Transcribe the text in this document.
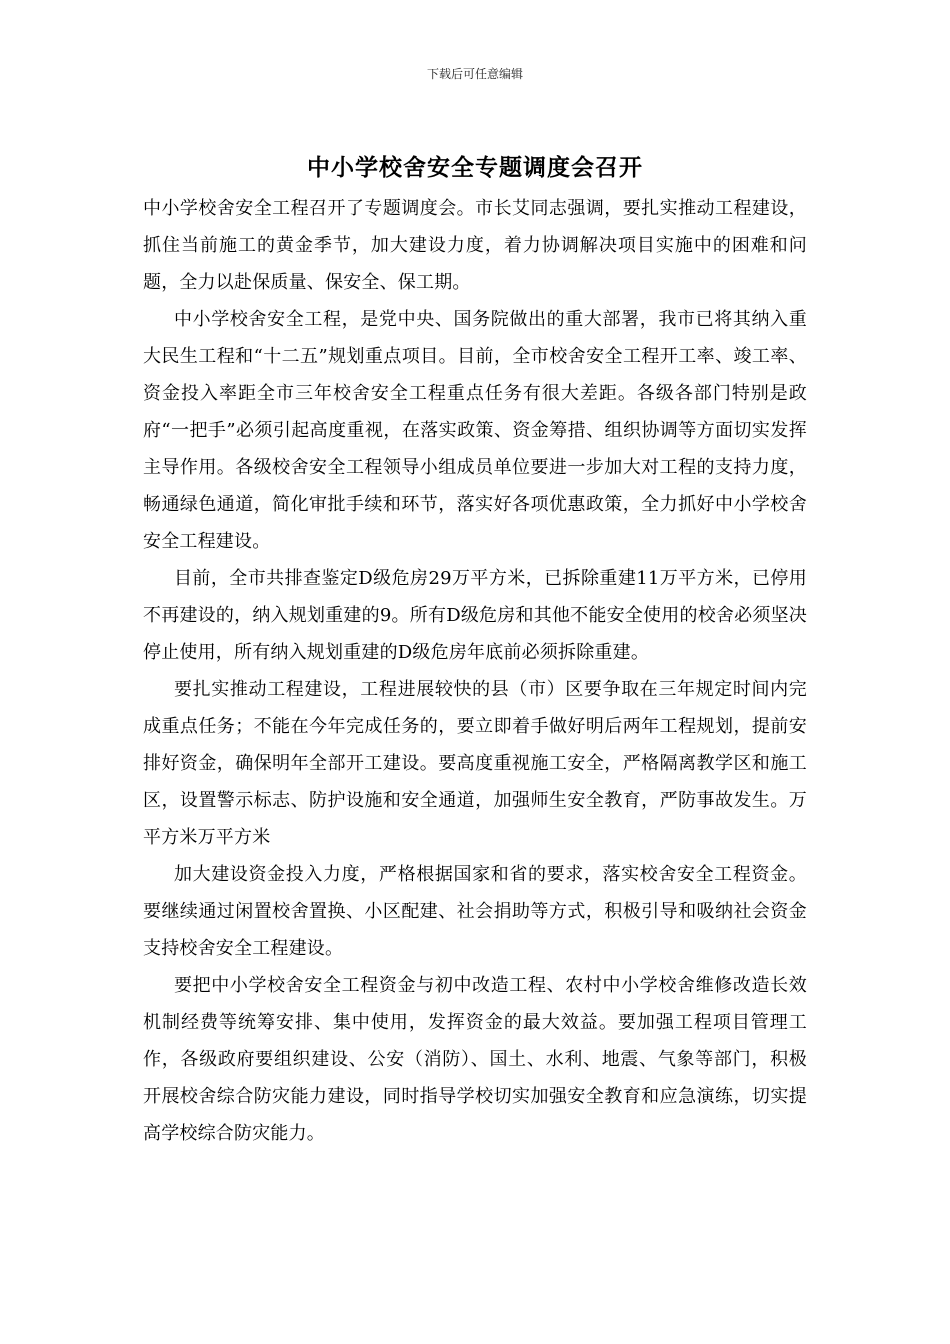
下载后可任意编辑
中小学校舍安全专题调度会召开

中小学校舍安全工程召开了专题调度会。市长艾同志强调，要扎实推动工程建设，抓住当前施工的黄金季节，加大建设力度，着力协调解决项目实施中的困难和问题，全力以赴保质量、保安全、保工期。

中小学校舍安全工程，是党中央、国务院做出的重大部署，我市已将其纳入重大民生工程和“十二五”规划重点项目。目前，全市校舍安全工程开工率、竣工率、资金投入率距全市三年校舍安全工程重点任务有很大差距。各级各部门特别是政府“一把手”必须引起高度重视，在落实政策、资金筹措、组织协调等方面切实发挥主导作用。各级校舍安全工程领导小组成员单位要进一步加大对工程的支持力度，畅通绿色通道，简化审批手续和环节，落实好各项优惠政策，全力抓好中小学校舍安全工程建设。

目前，全市共排查鉴定D级危房29万平方米，已拆除重建11万平方米，已停用不再建设的，纳入规划重建的9。所有D级危房和其他不能安全使用的校舍必须坚决停止使用，所有纳入规划重建的D级危房年底前必须拆除重建。

要扎实推动工程建设，工程进展较快的县（市）区要争取在三年规定时间内完成重点任务；不能在今年完成任务的，要立即着手做好明后两年工程规划，提前安排好资金，确保明年全部开工建设。要高度重视施工安全，严格隔离教学区和施工区，设置警示标志、防护设施和安全通道，加强师生安全教育，严防事故发生。万平方米万平方米

加大建设资金投入力度，严格根据国家和省的要求，落实校舍安全工程资金。要继续通过闲置校舍置换、小区配建、社会捐助等方式，积极引导和吸纳社会资金支持校舍安全工程建设。

要把中小学校舍安全工程资金与初中改造工程、农村中小学校舍维修改造长效机制经费等统筹安排、集中使用，发挥资金的最大效益。要加强工程项目管理工作，各级政府要组织建设、公安（消防）、国土、水利、地震、气象等部门，积极开展校舍综合防灾能力建设，同时指导学校切实加强安全教育和应急演练，切实提高学校综合防灾能力。
